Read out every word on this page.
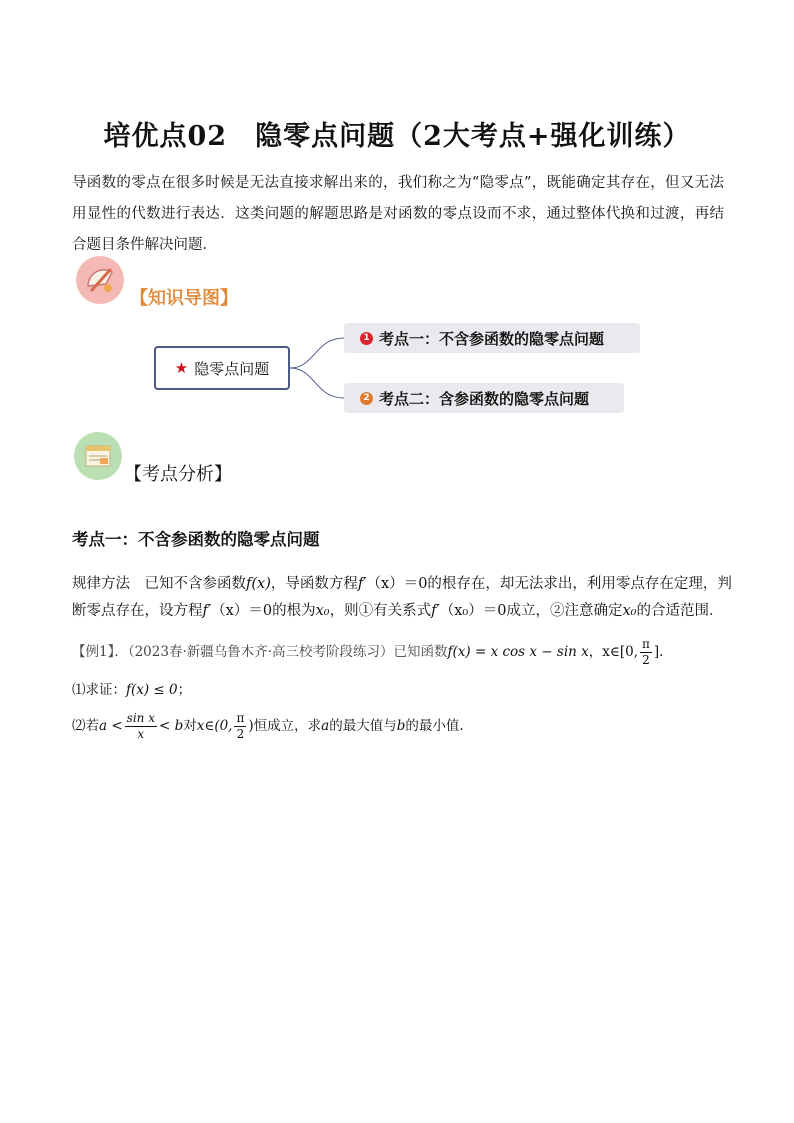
培优点02　隐零点问题（2大考点+强化训练）
导函数的零点在很多时候是无法直接求解出来的，我们称之为“隐零点”，既能确定其存在，但又无法用显性的代数进行表达．这类问题的解题思路是对函数的零点设而不求，通过整体代换和过渡，再结合题目条件解决问题．
【知识导图】
★ 隐零点问题
1 考点一：不含参函数的隐零点问题
2 考点二：含参函数的隐零点问题
【考点分析】
考点一：不含参函数的隐零点问题
规律方法　已知不含参函数f(x)，导函数方程f′（x）＝0的根存在，却无法求出，利用零点存在定理，判断零点存在，设方程f′（x）＝0的根为x₀，则①有关系式f′（x₀）＝0成立，②注意确定x₀的合适范围．
【例1】．（2023春·新疆乌鲁木齐·高三校考阶段练习）已知函数f(x) = x cos x − sin x，x∈[0, $\frac{\pi}{2}$ ].
⑴求证：f(x) ≤ 0；
⑵若$a < \frac{\text{sin x}}{x} < b$对x∈(0, $\frac{\pi}{2}$ )恒成立，求a的最大值与b的最小值.
